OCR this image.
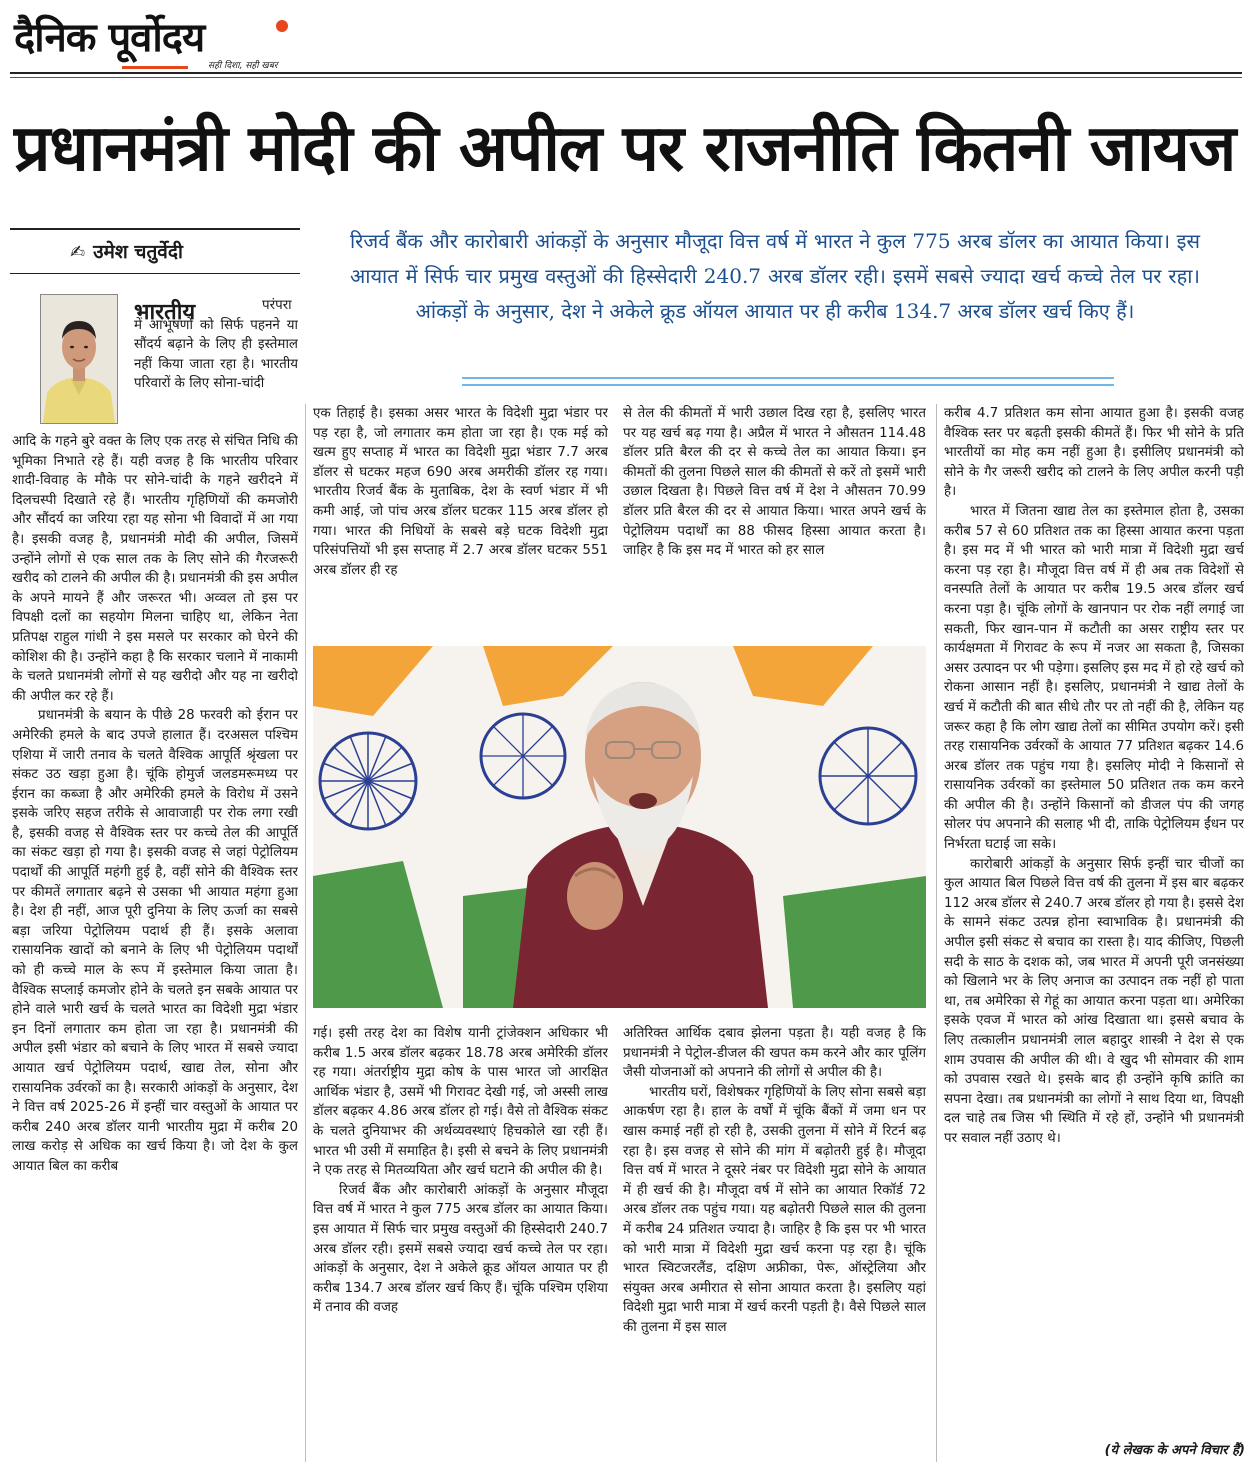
दैनिक पूर्वोदय
सही दिशा, सही खबर
प्रधानमंत्री मोदी की अपील पर राजनीति कितनी जायज
✍ उमेश चतुर्वेदी	रिजर्व बैंक और कारोबारी आंकड़ों के अनुसार मौजूदा वित्त वर्ष में भारत ने कुल 775 अरब डॉलर का आयात किया। इस आयात में सिर्फ चार प्रमुख वस्तुओं की हिस्सेदारी 240.7 अरब डॉलर रही। इसमें सबसे ज्यादा खर्च कच्चे तेल पर रहा। आंकड़ों के अनुसार, देश ने अकेले क्रूड ऑयल आयात पर ही करीब 134.7 अरब डॉलर खर्च किए हैं।
भारतीय	परंपरा में आभूषणों को सिर्फ पहनने या सौंदर्य बढ़ाने के लिए ही इस्तेमाल नहीं किया जाता रहा है। भारतीय परिवारों के लिए सोना-चांदी

आदि के गहने बुरे वक्त के लिए एक तरह से संचित निधि की भूमिका निभाते रहे हैं। यही वजह है कि भारतीय परिवार शादी-विवाह के मौके पर सोने-चांदी के गहने खरीदने में दिलचस्पी दिखाते रहे हैं। भारतीय गृहिणियों की कमजोरी और सौंदर्य का जरिया रहा यह सोना भी विवादों में आ गया है। इसकी वजह है, प्रधानमंत्री मोदी की अपील, जिसमें उन्होंने लोगों से एक साल तक के लिए सोने की गैरजरूरी खरीद को टालने की अपील की है। प्रधानमंत्री की इस अपील के अपने मायने हैं और जरूरत भी। अव्वल तो इस पर विपक्षी दलों का सहयोग मिलना चाहिए था, लेकिन नेता प्रतिपक्ष राहुल गांधी ने इस मसले पर सरकार को घेरने की कोशिश की है। उन्होंने कहा है कि सरकार चलाने में नाकामी के चलते प्रधानमंत्री लोगों से यह खरीदो और यह ना खरीदो की अपील कर रहे हैं।

प्रधानमंत्री के बयान के पीछे 28 फरवरी को ईरान पर अमेरिकी हमले के बाद उपजे हालात हैं। दरअसल पश्चिम एशिया में जारी तनाव के चलते वैश्विक आपूर्ति श्रृंखला पर संकट उठ खड़ा हुआ है। चूंकि होमुर्ज जलडमरूमध्य पर ईरान का कब्जा है और अमेरिकी हमले के विरोध में उसने इसके जरिए सहज तरीके से आवाजाही पर रोक लगा रखी है, इसकी वजह से वैश्विक स्तर पर कच्चे तेल की आपूर्ति का संकट खड़ा हो गया है। इसकी वजह से जहां पेट्रोलियम पदार्थों की आपूर्ति महंगी हुई है, वहीं सोने की वैश्विक स्तर पर कीमतें लगातार बढ़ने से उसका भी आयात महंगा हुआ है। देश ही नहीं, आज पूरी दुनिया के लिए ऊर्जा का सबसे बड़ा जरिया पेट्रोलियम पदार्थ ही हैं। इसके अलावा रासायनिक खादों को बनाने के लिए भी पेट्रोलियम पदार्थों को ही कच्चे माल के रूप में इस्तेमाल किया जाता है। वैश्विक सप्लाई कमजोर होने के चलते इन सबके आयात पर होने वाले भारी खर्च के चलते भारत का विदेशी मुद्रा भंडार इन दिनों लगातार कम होता जा रहा है। प्रधानमंत्री की अपील इसी भंडार को बचाने के लिए भारत में सबसे ज्यादा आयात खर्च पेट्रोलियम पदार्थ, खाद्य तेल, सोना और रासायनिक उर्वरकों का है। सरकारी आंकड़ों के अनुसार, देश ने वित्त वर्ष 2025-26 में इन्हीं चार वस्तुओं के आयात पर करीब 240 अरब डॉलर यानी भारतीय मुद्रा में करीब 20 लाख करोड़ से अधिक का खर्च किया है। जो देश के कुल आयात बिल का करीब

एक तिहाई है। इसका असर भारत के विदेशी मुद्रा भंडार पर पड़ रहा है, जो लगातार कम होता जा रहा है। एक मई को खत्म हुए सप्ताह में भारत का विदेशी मुद्रा भंडार 7.7 अरब डॉलर से घटकर महज 690 अरब अमरीकी डॉलर रह गया। भारतीय रिजर्व बैंक के मुताबिक, देश के स्वर्ण भंडार में भी कमी आई, जो पांच अरब डॉलर घटकर 115 अरब डॉलर हो गया। भारत की निधियों के सबसे बड़े घटक विदेशी मुद्रा परिसंपत्तियों भी इस सप्ताह में 2.7 अरब डॉलर घटकर 551 अरब डॉलर ही रह

से तेल की कीमतों में भारी उछाल दिख रहा है, इसलिए भारत पर यह खर्च बढ़ गया है। अप्रैल में भारत ने औसतन 114.48 डॉलर प्रति बैरल की दर से कच्चे तेल का आयात किया। इन कीमतों की तुलना पिछले साल की कीमतों से करें तो इसमें भारी उछाल दिखता है। पिछले वित्त वर्ष में देश ने औसतन 70.99 डॉलर प्रति बैरल की दर से आयात किया। भारत अपने खर्च के पेट्रोलियम पदार्थों का 88 फीसद हिस्सा आयात करता है। जाहिर है कि इस मद में भारत को हर साल

गई। इसी तरह देश का विशेष यानी ट्रांजेक्शन अधिकार भी करीब 1.5 अरब डॉलर बढ़कर 18.78 अरब अमेरिकी डॉलर रह गया। अंतर्राष्ट्रीय मुद्रा कोष के पास भारत जो आरक्षित आर्थिक भंडार है, उसमें भी गिरावट देखी गई, जो अस्सी लाख डॉलर बढ़कर 4.86 अरब डॉलर हो गई। वैसे तो वैश्विक संकट के चलते दुनियाभर की अर्थव्यवस्थाएं हिचकोले खा रही हैं। भारत भी उसी में समाहित है। इसी से बचने के लिए प्रधानमंत्री ने एक तरह से मितव्ययिता और खर्च घटाने की अपील की है।

रिजर्व बैंक और कारोबारी आंकड़ों के अनुसार मौजूदा वित्त वर्ष में भारत ने कुल 775 अरब डॉलर का आयात किया। इस आयात में सिर्फ चार प्रमुख वस्तुओं की हिस्सेदारी 240.7 अरब डॉलर रही। इसमें सबसे ज्यादा खर्च कच्चे तेल पर रहा। आंकड़ों के अनुसार, देश ने अकेले क्रूड ऑयल आयात पर ही करीब 134.7 अरब डॉलर खर्च किए हैं। चूंकि पश्चिम एशिया में तनाव की वजह

अतिरिक्त आर्थिक दबाव झेलना पड़ता है। यही वजह है कि प्रधानमंत्री ने पेट्रोल-डीजल की खपत कम करने और कार पूलिंग जैसी योजनाओं को अपनाने की लोगों से अपील की है।

भारतीय घरों, विशेषकर गृहिणियों के लिए सोना सबसे बड़ा आकर्षण रहा है। हाल के वर्षों में चूंकि बैंकों में जमा धन पर खास कमाई नहीं हो रही है, उसकी तुलना में सोने में रिटर्न बढ़ रहा है। इस वजह से सोने की मांग में बढ़ोतरी हुई है। मौजूदा वित्त वर्ष में भारत ने दूसरे नंबर पर विदेशी मुद्रा सोने के आयात में ही खर्च की है। मौजूदा वर्ष में सोने का आयात रिकॉर्ड 72 अरब डॉलर तक पहुंच गया। यह बढ़ोतरी पिछले साल की तुलना में करीब 24 प्रतिशत ज्यादा है। जाहिर है कि इस पर भी भारत को भारी मात्रा में विदेशी मुद्रा खर्च करना पड़ रहा है। चूंकि भारत स्विटजरलैंड, दक्षिण अफ्रीका, पेरू, ऑस्ट्रेलिया और संयुक्त अरब अमीरात से सोना आयात करता है। इसलिए यहां विदेशी मुद्रा भारी मात्रा में खर्च करनी पड़ती है। वैसे पिछले साल की तुलना में इस साल

करीब 4.7 प्रतिशत कम सोना आयात हुआ है। इसकी वजह वैश्विक स्तर पर बढ़ती इसकी कीमतें हैं। फिर भी सोने के प्रति भारतीयों का मोह कम नहीं हुआ है। इसीलिए प्रधानमंत्री को सोने के गैर जरूरी खरीद को टालने के लिए अपील करनी पड़ी है।

भारत में जितना खाद्य तेल का इस्तेमाल होता है, उसका करीब 57 से 60 प्रतिशत तक का हिस्सा आयात करना पड़ता है। इस मद में भी भारत को भारी मात्रा में विदेशी मुद्रा खर्च करना पड़ रहा है। मौजूदा वित्त वर्ष में ही अब तक विदेशों से वनस्पति तेलों के आयात पर करीब 19.5 अरब डॉलर खर्च करना पड़ा है। चूंकि लोगों के खानपान पर रोक नहीं लगाई जा सकती, फिर खान-पान में कटौती का असर राष्ट्रीय स्तर पर कार्यक्षमता में गिरावट के रूप में नजर आ सकता है, जिसका असर उत्पादन पर भी पड़ेगा। इसलिए इस मद में हो रहे खर्च को रोकना आसान नहीं है। इसलिए, प्रधानमंत्री ने खाद्य तेलों के खर्च में कटौती की बात सीधे तौर पर तो नहीं की है, लेकिन यह जरूर कहा है कि लोग खाद्य तेलों का सीमित उपयोग करें। इसी तरह रासायनिक उर्वरकों के आयात 77 प्रतिशत बढ़कर 14.6 अरब डॉलर तक पहुंच गया है। इसलिए मोदी ने किसानों से रासायनिक उर्वरकों का इस्तेमाल 50 प्रतिशत तक कम करने की अपील की है। उन्होंने किसानों को डीजल पंप की जगह सोलर पंप अपनाने की सलाह भी दी, ताकि पेट्रोलियम ईंधन पर निर्भरता घटाई जा सके।

कारोबारी आंकड़ों के अनुसार सिर्फ इन्हीं चार चीजों का कुल आयात बिल पिछले वित्त वर्ष की तुलना में इस बार बढ़कर 112 अरब डॉलर से 240.7 अरब डॉलर हो गया है। इससे देश के सामने संकट उत्पन्न होना स्वाभाविक है। प्रधानमंत्री की अपील इसी संकट से बचाव का रास्ता है। याद कीजिए, पिछली सदी के साठ के दशक को, जब भारत में अपनी पूरी जनसंख्या को खिलाने भर के लिए अनाज का उत्पादन तक नहीं हो पाता था, तब अमेरिका से गेहूं का आयात करना पड़ता था। अमेरिका इसके एवज में भारत को आंख दिखाता था। इससे बचाव के लिए तत्कालीन प्रधानमंत्री लाल बहादुर शास्त्री ने देश से एक शाम उपवास की अपील की थी। वे खुद भी सोमवार की शाम को उपवास रखते थे। इसके बाद ही उन्होंने कृषि क्रांति का सपना देखा। तब प्रधानमंत्री का लोगों ने साथ दिया था, विपक्षी दल चाहे तब जिस भी स्थिति में रहे हों, उन्होंने भी प्रधानमंत्री पर सवाल नहीं उठाए थे।

(ये लेखक के अपने विचार हैं)
